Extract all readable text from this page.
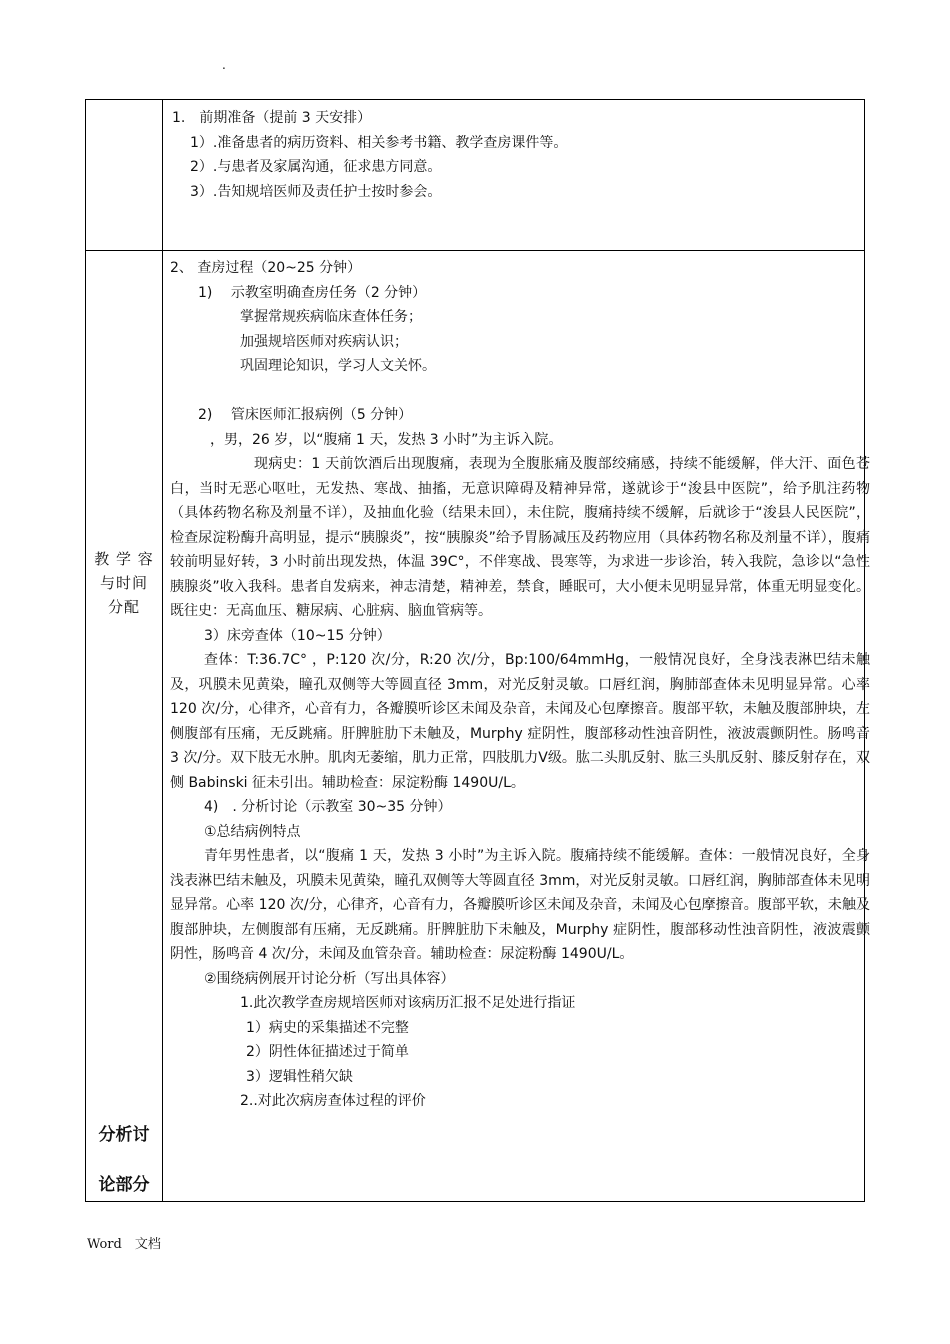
.
1.　前期准备（提前 3 天安排）
1）.准备患者的病历资料、相关参考书籍、教学查房课件等。
2）.与患者及家属沟通，征求患方同意。
3）.告知规培医师及责任护士按时参会。
教 学 容
与时间
分配
分析讨
论部分
2、 查房过程（20~25 分钟）
1)　 示教室明确查房任务（2 分钟）
掌握常规疾病临床查体任务；
加强规培医师对疾病认识；
巩固理论知识，学习人文关怀。
2)　 管床医师汇报病例（5 分钟）
，男，26 岁，以“腹痛 1 天，发热 3 小时”为主诉入院。

现病史：1 天前饮酒后出现腹痛，表现为全腹胀痛及腹部绞痛感，持续不能缓解，伴大汗、面色苍白，当时无恶心呕吐，无发热、寒战、抽搐，无意识障碍及精神异常，遂就诊于“浚县中医院”，给予肌注药物（具体药物名称及剂量不详），及抽血化验（结果未回），未住院，腹痛持续不缓解，后就诊于“浚县人民医院”，检查尿淀粉酶升高明显，提示“胰腺炎”，按“胰腺炎”给予胃肠减压及药物应用（具体药物名称及剂量不详），腹痛较前明显好转，3 小时前出现发热，体温 39C°，不伴寒战、畏寒等，为求进一步诊治，转入我院，急诊以“急性胰腺炎”收入我科。患者自发病来，神志清楚，精神差，禁食，睡眠可，大小便未见明显异常，体重无明显变化。既往史：无高血压、糖尿病、心脏病、脑血管病等。

3）床旁查体（10~15 分钟）

查体：T:36.7C° ，P:120 次/分，R:20 次/分，Bp:100/64mmHg，一般情况良好，全身浅表淋巴结未触及，巩膜未见黄染，瞳孔双侧等大等圆直径 3mm，对光反射灵敏。口唇红润，胸肺部查体未见明显异常。心率 120 次/分，心律齐，心音有力，各瓣膜听诊区未闻及杂音，未闻及心包摩擦音。腹部平软，未触及腹部肿块，左侧腹部有压痛，无反跳痛。肝脾脏肋下未触及，Murphy 症阴性，腹部移动性浊音阴性，液波震颤阴性。肠鸣音 3 次/分。双下肢无水肿。肌肉无萎缩，肌力正常，四肢肌力Ⅴ级。肱二头肌反射、肱三头肌反射、膝反射存在，双侧 Babinski 征未引出。辅助检查：尿淀粉酶 1490U/L。

4)　. 分析讨论（示教室 30~35 分钟）
①总结病例特点

青年男性患者，以“腹痛 1 天，发热 3 小时”为主诉入院。腹痛持续不能缓解。查体：一般情况良好，全身浅表淋巴结未触及，巩膜未见黄染，瞳孔双侧等大等圆直径 3mm，对光反射灵敏。口唇红润，胸肺部查体未见明显异常。心率 120 次/分，心律齐，心音有力，各瓣膜听诊区未闻及杂音，未闻及心包摩擦音。腹部平软，未触及腹部肿块，左侧腹部有压痛，无反跳痛。肝脾脏肋下未触及，Murphy 症阴性，腹部移动性浊音阴性，液波震颤阴性，肠鸣音 4 次/分，未闻及血管杂音。辅助检查：尿淀粉酶 1490U/L。

②围绕病例展开讨论分析（写出具体容）
1.此次教学查房规培医师对该病历汇报不足处进行指证
1）病史的采集描述不完整
2）阴性体征描述过于简单
3）逻辑性稍欠缺
2..对此次病房查体过程的评价
Word　文档
